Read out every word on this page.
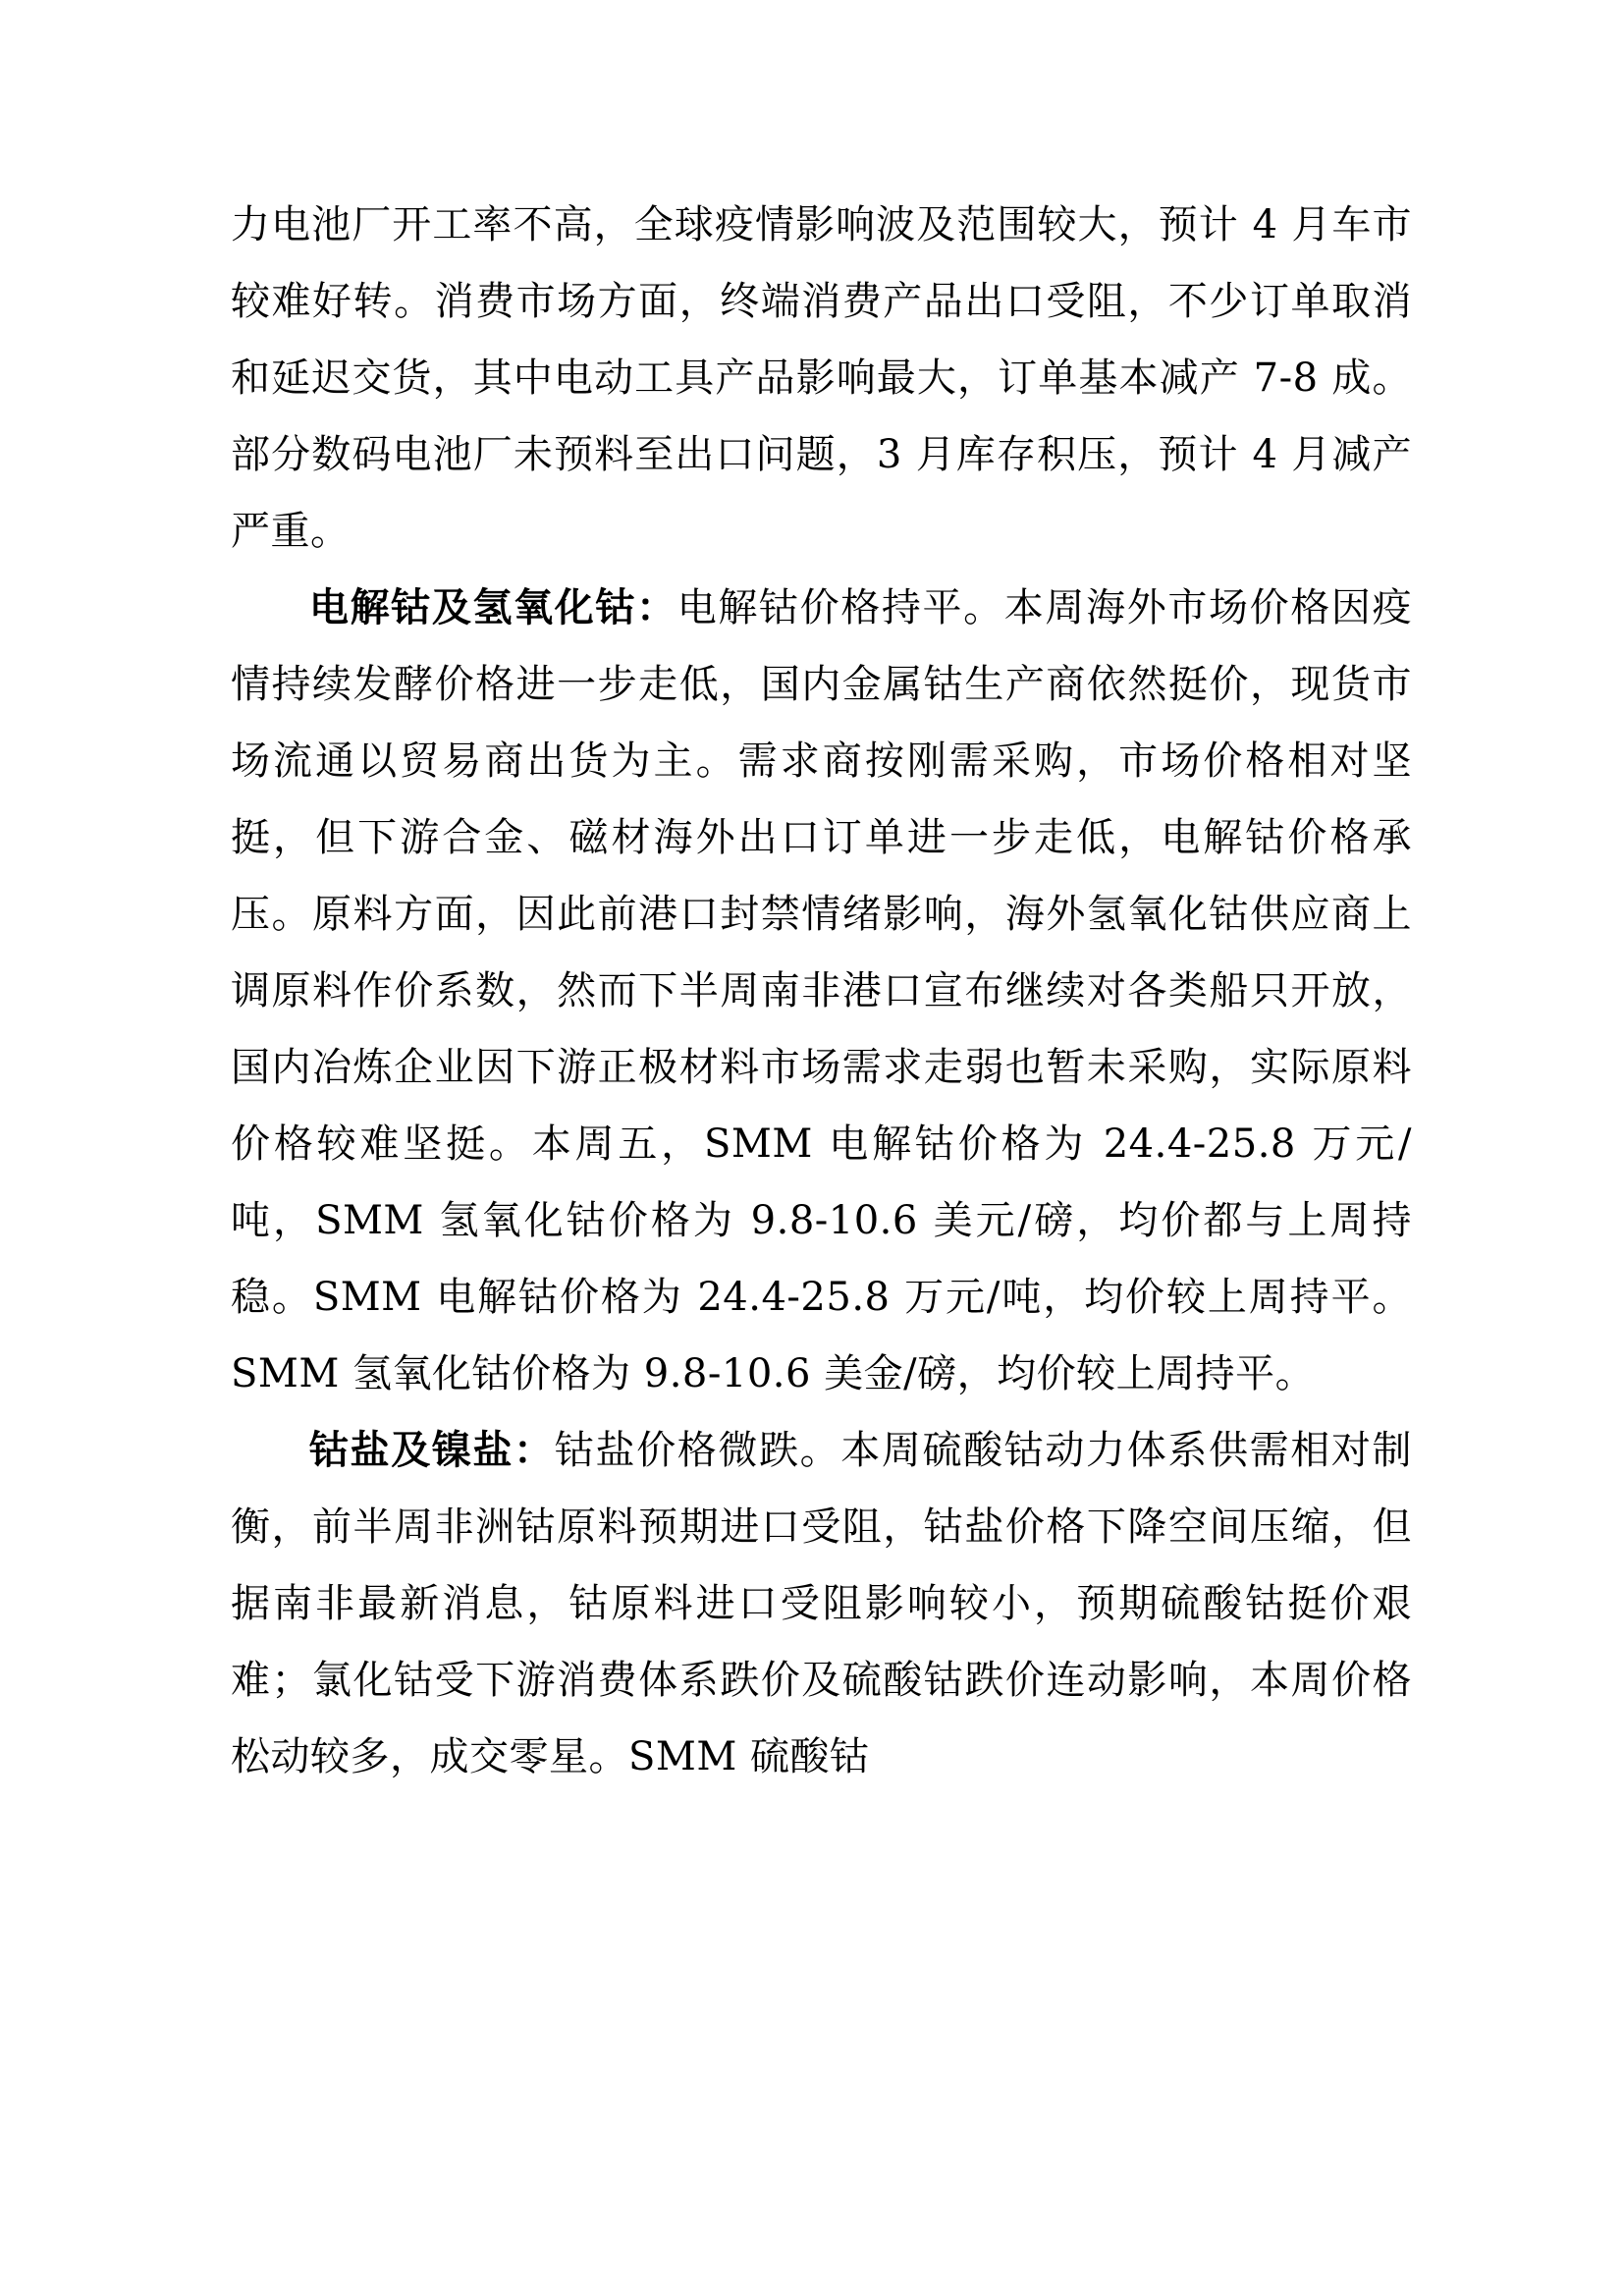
力电池厂开工率不高，全球疫情影响波及范围较大，预计 4 月车市较难好转。消费市场方面，终端消费产品出口受阻，不少订单取消和延迟交货，其中电动工具产品影响最大，订单基本减产 7-8 成。部分数码电池厂未预料至出口问题，3 月库存积压，预计 4 月减产严重。

电解钴及氢氧化钴：电解钴价格持平。本周海外市场价格因疫情持续发酵价格进一步走低，国内金属钴生产商依然挺价，现货市场流通以贸易商出货为主。需求商按刚需采购，市场价格相对坚挺，但下游合金、磁材海外出口订单进一步走低，电解钴价格承压。原料方面，因此前港口封禁情绪影响，海外氢氧化钴供应商上调原料作价系数，然而下半周南非港口宣布继续对各类船只开放，国内冶炼企业因下游正极材料市场需求走弱也暂未采购，实际原料价格较难坚挺。本周五，SMM 电解钴价格为 24.4-25.8 万元/吨，SMM 氢氧化钴价格为 9.8-10.6 美元/磅，均价都与上周持稳。SMM 电解钴价格为 24.4-25.8 万元/吨，均价较上周持平。SMM 氢氧化钴价格为 9.8-10.6 美金/磅，均价较上周持平。

钴盐及镍盐：钴盐价格微跌。本周硫酸钴动力体系供需相对制衡，前半周非洲钴原料预期进口受阻，钴盐价格下降空间压缩，但据南非最新消息，钴原料进口受阻影响较小，预期硫酸钴挺价艰难；氯化钴受下游消费体系跌价及硫酸钴跌价连动影响，本周价格松动较多，成交零星。SMM 硫酸钴
